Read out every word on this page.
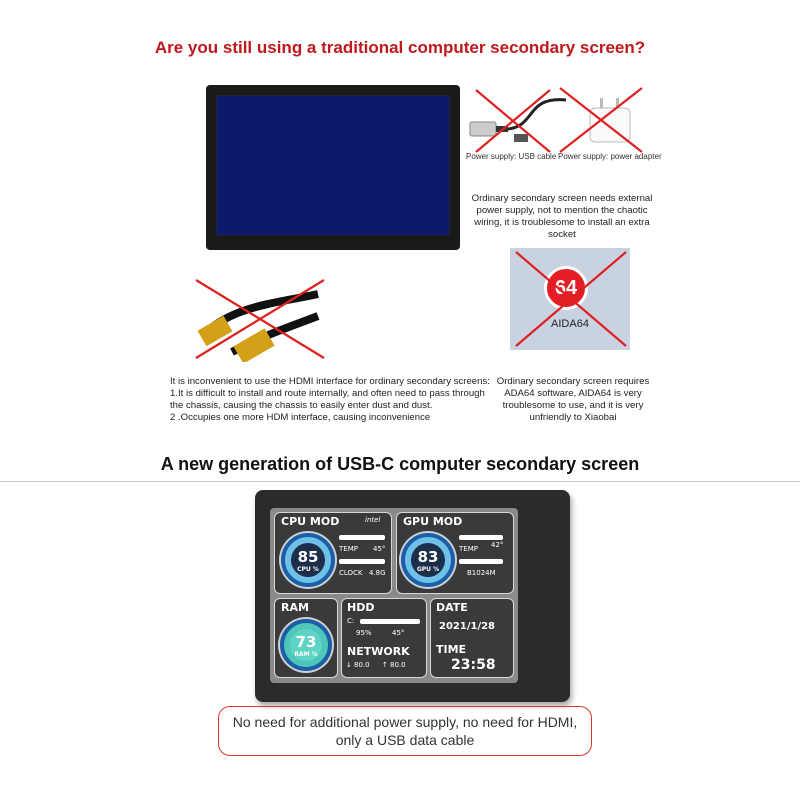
Are you still using a traditional computer secondary screen?
Power supply: USB cable Power supply: power adapter
Ordinary secondary screen needs external
power supply, not to mention the chaotic
wiring, it is troublesome to install an extra socket
It is inconvenient to use the HDMI interface for ordinary secondary screens:
1.It is difficult to install and route internally, and often need to pass through
the chassis, causing the chassis to easily enter dust and dust.
2 .Occupies one more HDM interface, causing inconvenience
64
AIDA64
Ordinary secondary screen requires
ADA64 software, AIDA64 is very
troublesome to use, and it is very
unfriendly to Xiaobai
A new generation of USB-C computer secondary screen
CPU MOD	intel
85
CPU %
TEMP 45°
CLOCK 4.8G
GPU MOD
83
GPU %
TEMP 42°
B1024M
RAM
73
RAM %
HDD
C:
95%	45°
NETWORK
↓ 80.0 ↑ 80.0
DATE
2021/1/28
TIME
23:58
No need for additional power supply, no need for HDMI,
only a USB data cable
